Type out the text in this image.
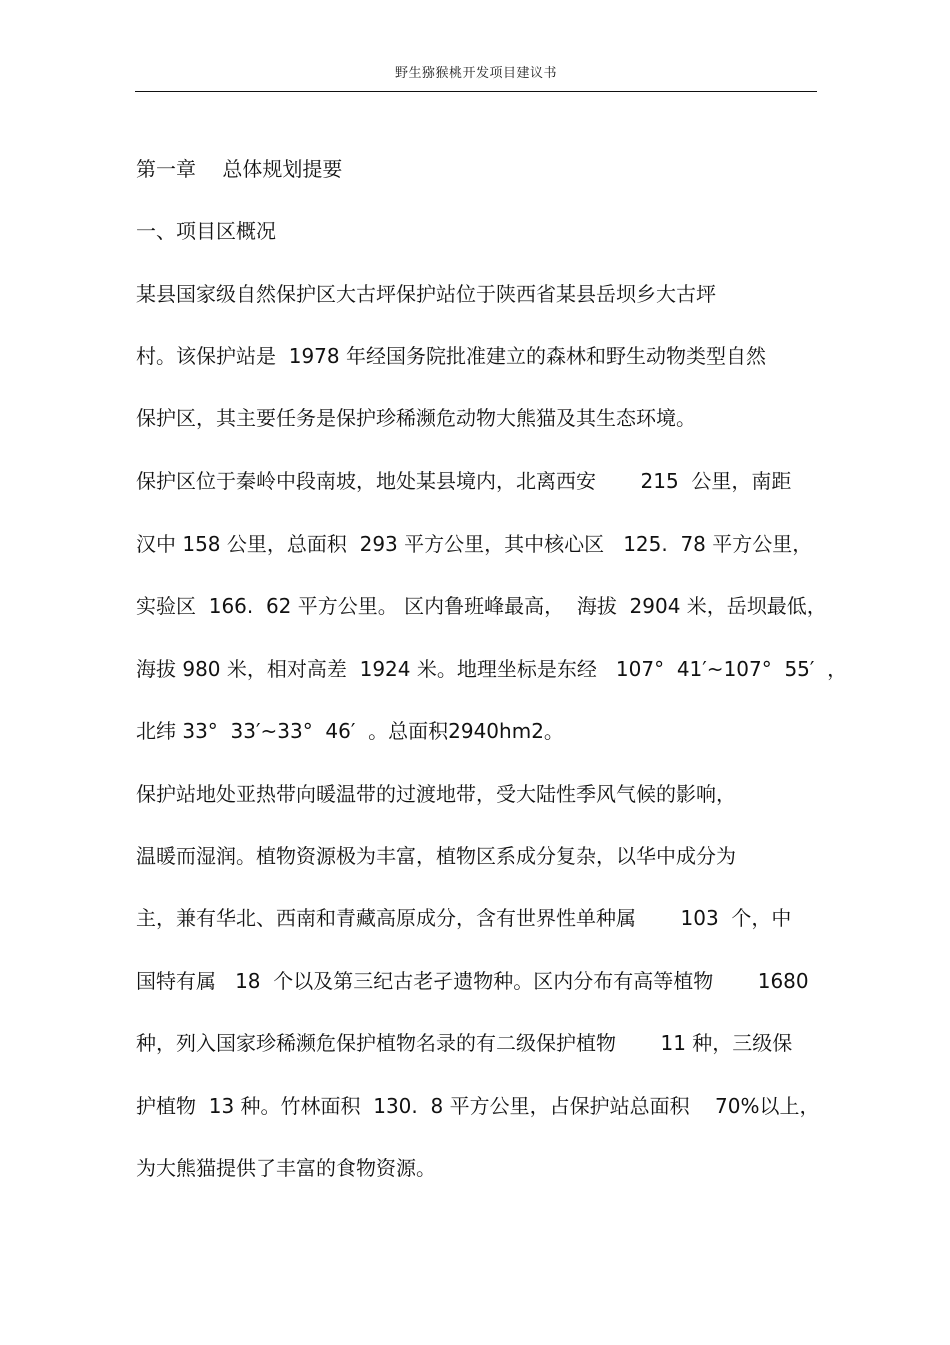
野生猕猴桃开发项目建议书
第一章　 总体规划提要
一、项目区概况
某县国家级自然保护区大古坪保护站位于陕西省某县岳坝乡大古坪
村。该保护站是  1978 年经国务院批准建立的森林和野生动物类型自然
保护区，其主要任务是保护珍稀濒危动物大熊猫及其生态环境。
保护区位于秦岭中段南坡，地处某县境内，北离西安       215  公里，南距
汉中 158 公里，总面积  293 平方公里，其中核心区   125.  78 平方公里，
实验区  166.  62 平方公里。 区内鲁班峰最高，  海拔  2904 米，岳坝最低，
海拔 980 米，相对高差  1924 米。地理坐标是东经   107°  41′~107°  55′  ，
北纬 33°  33′~33°  46′  。总面积2940hm2。
保护站地处亚热带向暖温带的过渡地带，受大陆性季风气候的影响，
温暖而湿润。植物资源极为丰富，植物区系成分复杂，以华中成分为
主，兼有华北、西南和青藏高原成分，含有世界性单种属       103  个，中
国特有属   18  个以及第三纪古老孑遗物种。区内分布有高等植物       1680
种，列入国家珍稀濒危保护植物名录的有二级保护植物       11 种，三级保
护植物  13 种。竹林面积  130.  8 平方公里，占保护站总面积    70%以上，
为大熊猫提供了丰富的食物资源。
